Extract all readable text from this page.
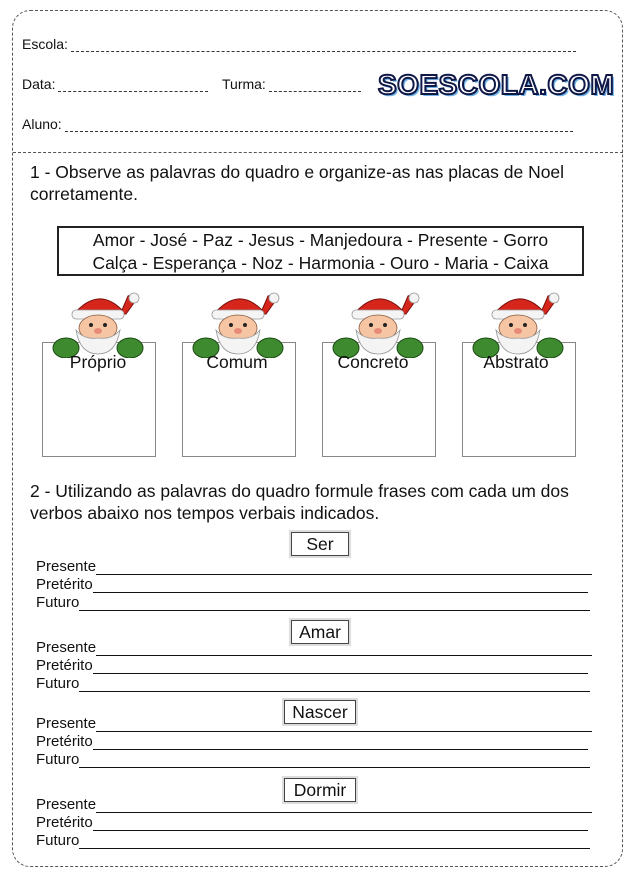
Escola:
Data:	Turma:
Aluno:
SOESCOLA.COM
1 - Observe as palavras do quadro e organize-as nas placas de Noel corretamente.
Amor - José - Paz - Jesus - Manjedoura - Presente - Gorro
Calça - Esperança - Noz - Harmonia - Ouro - Maria - Caixa
Próprio	Comum	Concreto	Abstrato
2 - Utilizando as palavras do quadro formule frases com cada um dos verbos abaixo nos tempos verbais indicados.
Ser
Presente
Pretérito
Futuro
Amar
Presente
Pretérito
Futuro
Nascer
Presente
Pretérito
Futuro
Dormir
Presente
Pretérito
Futuro
